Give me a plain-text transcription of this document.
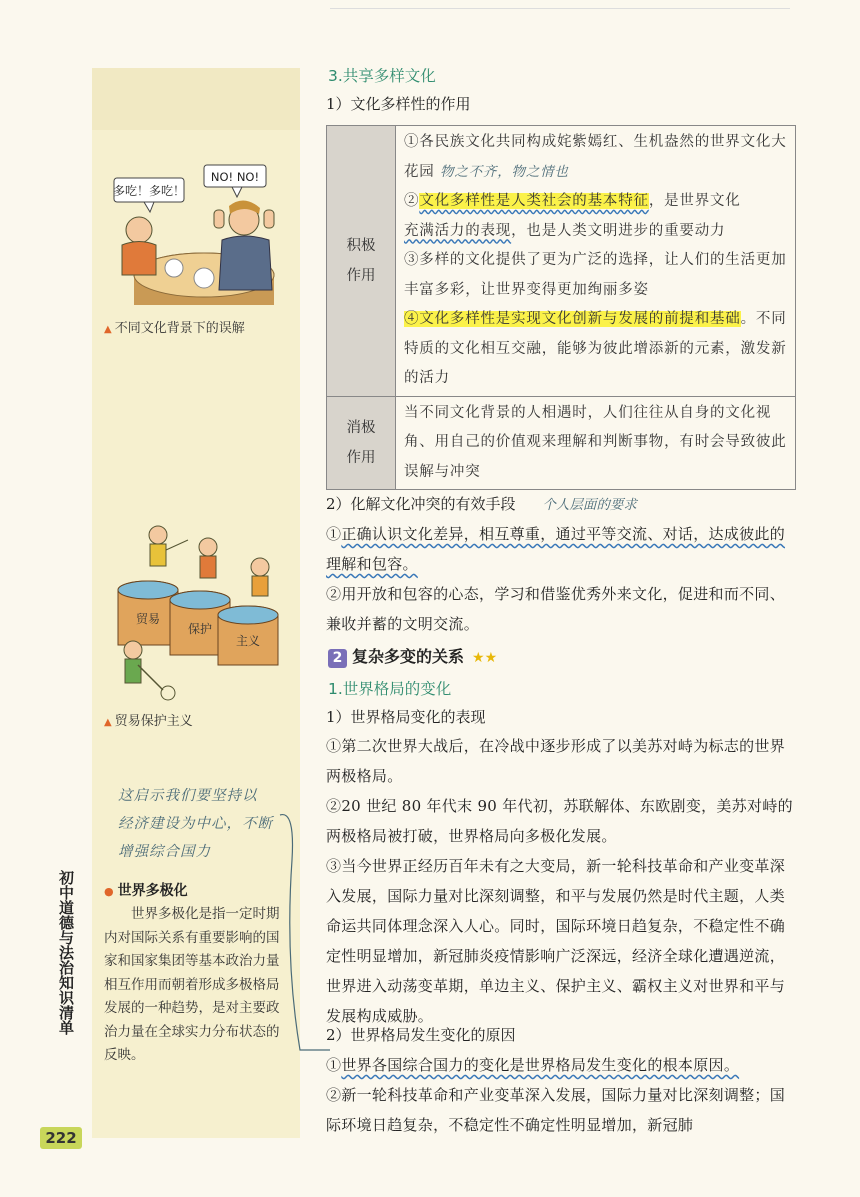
多吃！多吃！
NO! NO!
▲ 不同文化背景下的误解
贸易
保护
主义
▲ 贸易保护主义
这启示我们要坚持以
经济建设为中心，不断
增强综合国力
● 世界多极化
世界多极化是指一定时期内对国际关系有重要影响的国家和国家集团等基本政治力量相互作用而朝着形成多极格局发展的一种趋势，是对主要政治力量在全球实力分布状态的反映。
初中道德与法治知识清单
222
3.共享多样文化
1）文化多样性的作用
积极作用	①各民族文化共同构成姹紫嫣红、生机盎然的世界文化大花园 物之不齐，物之情也
②文化多样性是人类社会的基本特征，是世界文化
充满活力的表现，也是人类文明进步的重要动力
③多样的文化提供了更为广泛的选择，让人们的生活更加丰富多彩，让世界变得更加绚丽多姿
④文化多样性是实现文化创新与发展的前提和基础。不同特质的文化相互交融，能够为彼此增添新的元素，激发新的活力

消极作用	当不同文化背景的人相遇时，人们往往从自身的文化视角、用自己的价值观来理解和判断事物，有时会导致彼此误解与冲突
2）化解文化冲突的有效手段 个人层面的要求
①正确认识文化差异，相互尊重，通过平等交流、对话，达成彼此的理解和包容。
②用开放和包容的心态，学习和借鉴优秀外来文化，促进和而不同、兼收并蓄的文明交流。
2 复杂多变的关系 ★★
1.世界格局的变化
1）世界格局变化的表现
①第二次世界大战后，在冷战中逐步形成了以美苏对峙为标志的世界两极格局。
②20 世纪 80 年代末 90 年代初，苏联解体、东欧剧变，美苏对峙的两极格局被打破，世界格局向多极化发展。
③当今世界正经历百年未有之大变局，新一轮科技革命和产业变革深入发展，国际力量对比深刻调整，和平与发展仍然是时代主题，人类命运共同体理念深入人心。同时，国际环境日趋复杂，不稳定性不确定性明显增加，新冠肺炎疫情影响广泛深远，经济全球化遭遇逆流，世界进入动荡变革期，单边主义、保护主义、霸权主义对世界和平与发展构成威胁。
2）世界格局发生变化的原因
①世界各国综合国力的变化是世界格局发生变化的根本原因。
②新一轮科技革命和产业变革深入发展，国际力量对比深刻调整；国际环境日趋复杂，不稳定性不确定性明显增加，新冠肺
